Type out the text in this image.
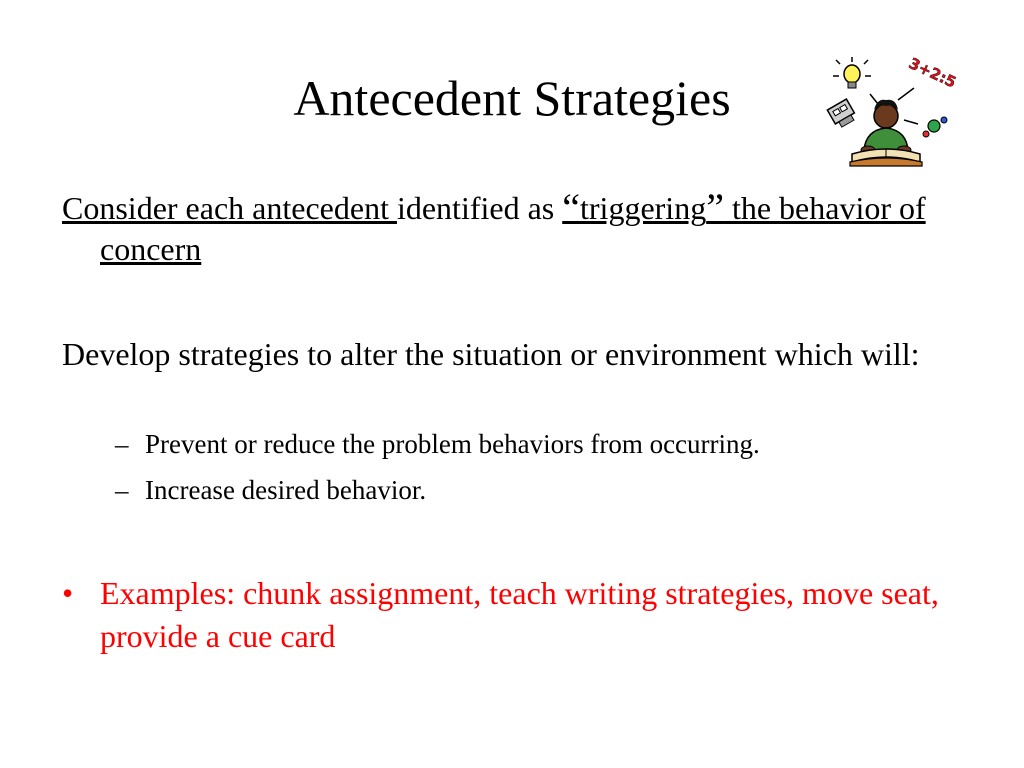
Antecedent Strategies	3+2:5
Consider each antecedent identified as “triggering” the behavior of concern
Develop strategies to alter the situation or environment which will:
– Prevent or reduce the problem behaviors from occurring.
– Increase desired behavior.
• Examples: chunk assignment, teach writing strategies, move seat, provide a cue card
